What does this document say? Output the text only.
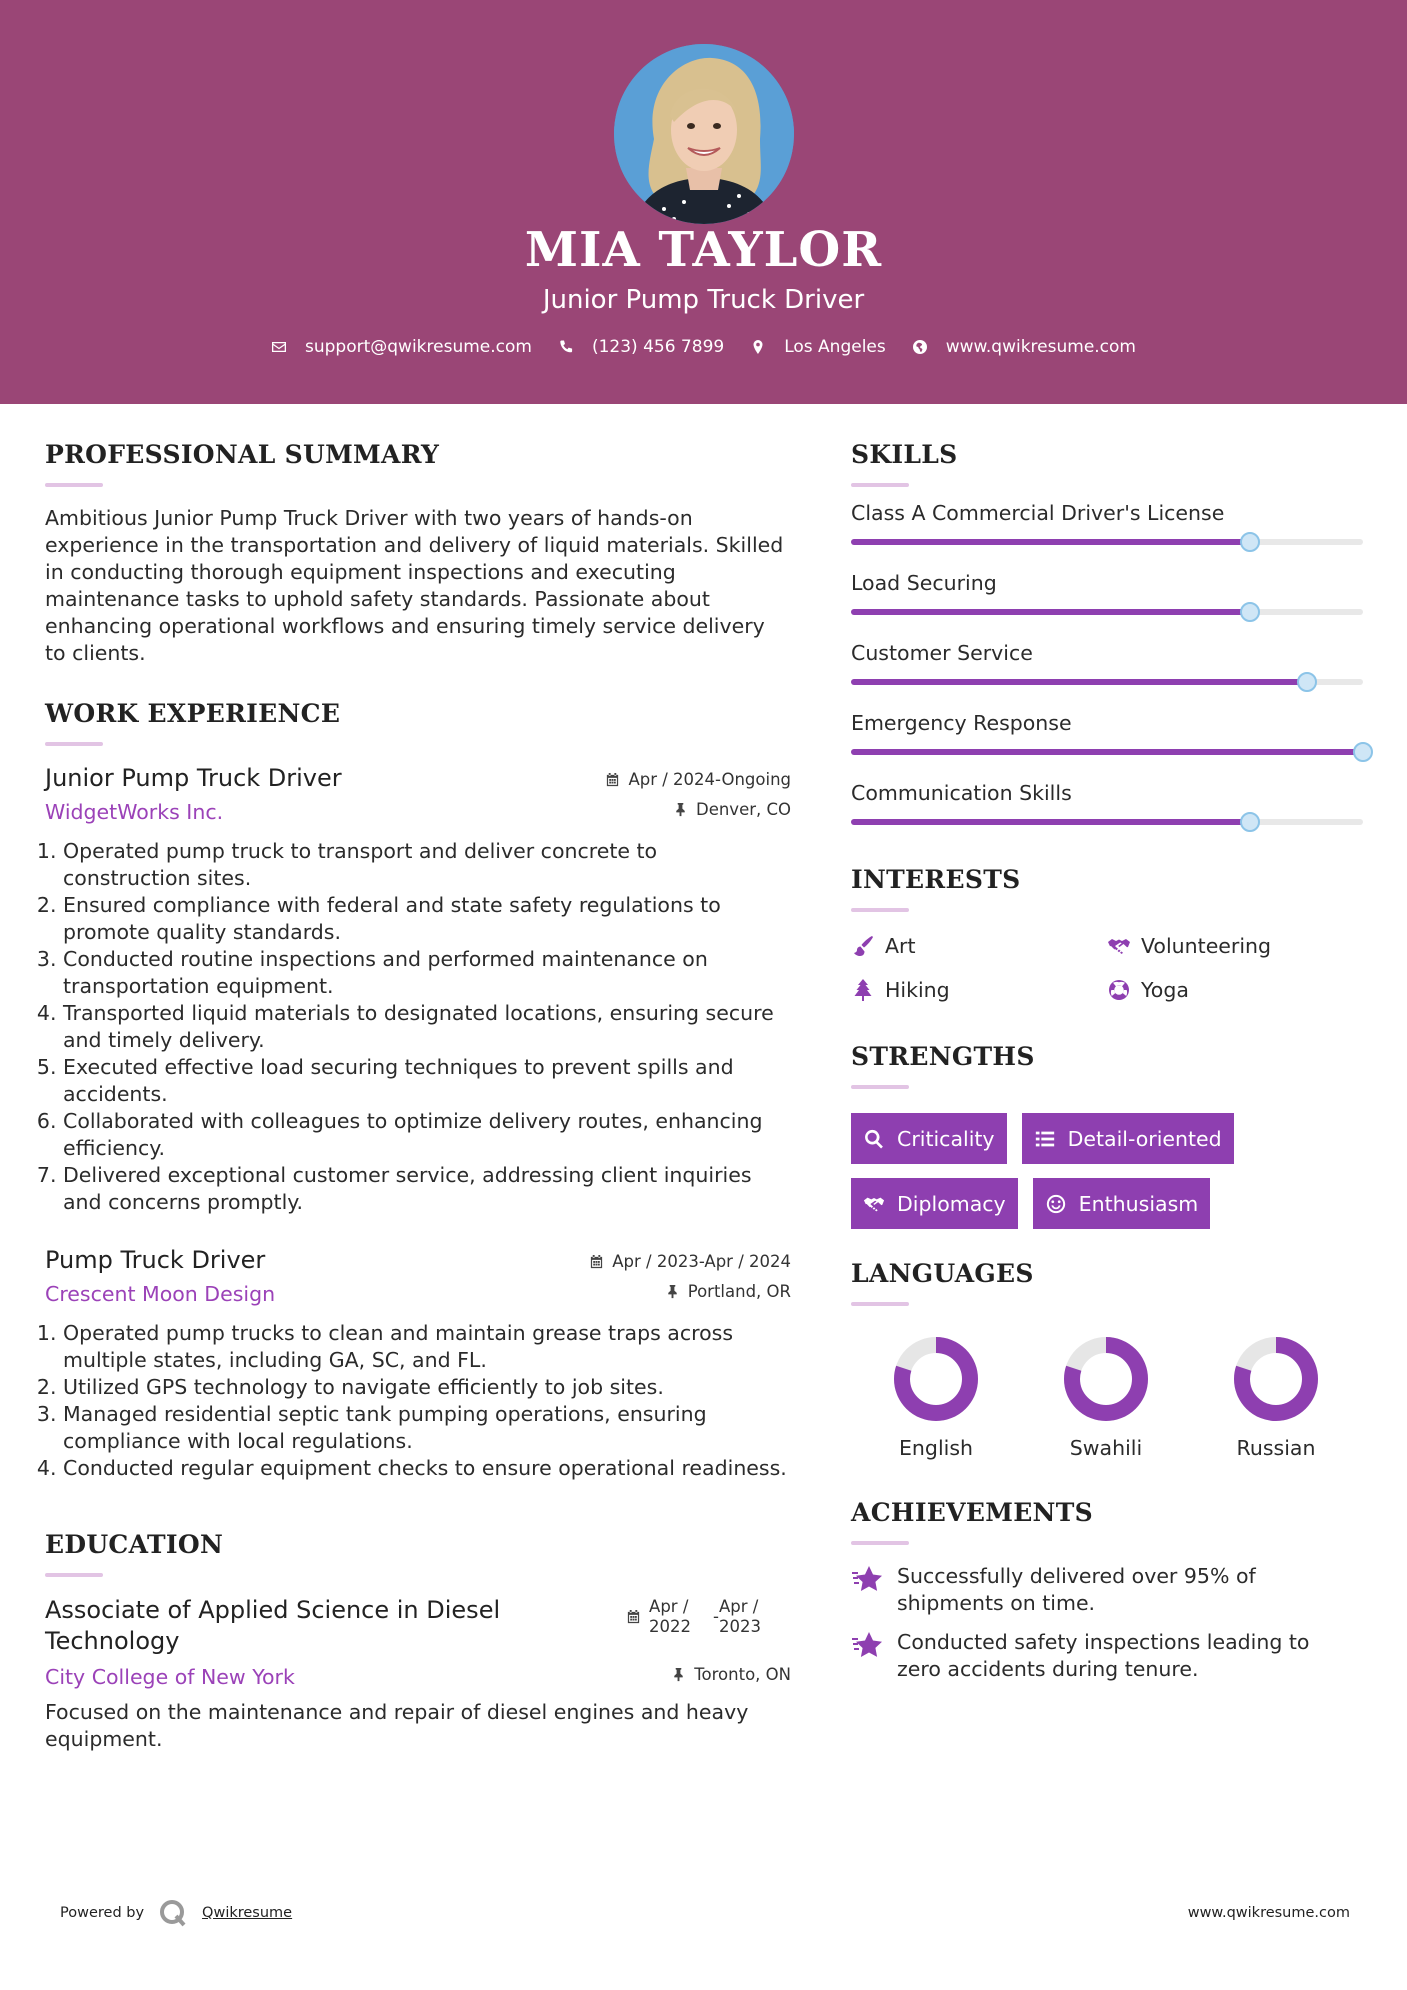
MIA TAYLOR
Junior Pump Truck Driver
support@qwikresume.com	(123) 456 7899	Los Angeles	www.qwikresume.com
PROFESSIONAL SUMMARY

Ambitious Junior Pump Truck Driver with two years of hands-on experience in the transportation and delivery of liquid materials. Skilled in conducting thorough equipment inspections and executing maintenance tasks to uphold safety standards. Passionate about enhancing operational workflows and ensuring timely service delivery to clients.

WORK EXPERIENCE
Junior Pump Truck Driver	Apr / 2024-Ongoing
WidgetWorks Inc.	Denver, CO
1. Operated pump truck to transport and deliver concrete to construction sites.
2. Ensured compliance with federal and state safety regulations to promote quality standards.
3. Conducted routine inspections and performed maintenance on transportation equipment.
4. Transported liquid materials to designated locations, ensuring secure and timely delivery.
5. Executed effective load securing techniques to prevent spills and accidents.
6. Collaborated with colleagues to optimize delivery routes, enhancing efficiency.
7. Delivered exceptional customer service, addressing client inquiries and concerns promptly.
Pump Truck Driver	Apr / 2023-Apr / 2024
Crescent Moon Design	Portland, OR
1. Operated pump trucks to clean and maintain grease traps across multiple states, including GA, SC, and FL.
2. Utilized GPS technology to navigate efficiently to job sites.
3. Managed residential septic tank pumping operations, ensuring compliance with local regulations.
4. Conducted regular equipment checks to ensure operational readiness.
EDUCATION
Associate of Applied Science in Diesel Technology
Apr /
2022
-
Apr /
2023
City College of New York	Toronto, ON

Focused on the maintenance and repair of diesel engines and heavy equipment.

SKILLS
Class A Commercial Driver's License
Load Securing
Customer Service
Emergency Response
Communication Skills
INTERESTS
Art	Volunteering
Hiking	Yoga
STRENGTHS
Criticality	Detail-oriented
Diplomacy	Enthusiasm
LANGUAGES
English	Swahili	Russian
ACHIEVEMENTS
Successfully delivered over 95% of shipments on time.
Conducted safety inspections leading to zero accidents during tenure.
Powered by	Qwikresume	www.qwikresume.com
